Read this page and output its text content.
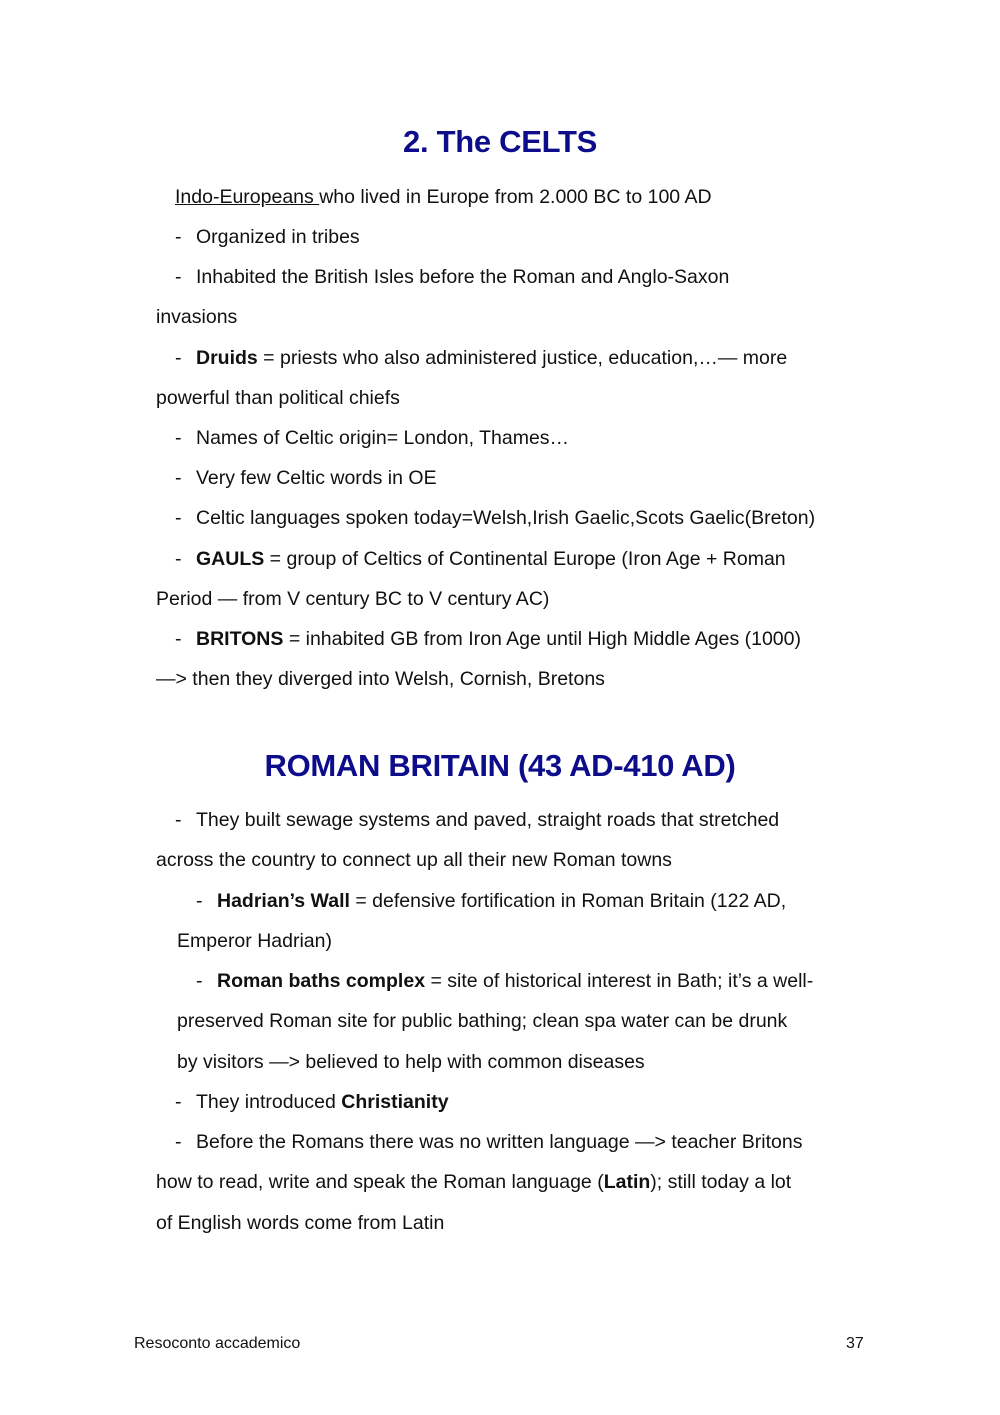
2. The CELTS
Indo-Europeans who lived in Europe from 2.000 BC to 100 AD
- Organized in tribes
- Inhabited the British Isles before the Roman and Anglo-Saxon
invasions
- Druids = priests who also administered justice, education,…— more
powerful than political chiefs
- Names of Celtic origin= London, Thames…
- Very few Celtic words in OE
- Celtic languages spoken today=Welsh,Irish Gaelic,Scots Gaelic(Breton)
- GAULS = group of Celtics of Continental Europe (Iron Age + Roman
Period — from V century BC to V century AC)
- BRITONS = inhabited GB from Iron Age until High Middle Ages (1000)
—> then they diverged into Welsh, Cornish, Bretons
ROMAN BRITAIN (43 AD-410 AD)
- They built sewage systems and paved, straight roads that stretched
across the country to connect up all their new Roman towns
- Hadrian’s Wall = defensive fortification in Roman Britain (122 AD,
Emperor Hadrian)
- Roman baths complex = site of historical interest in Bath; it’s a well-
preserved Roman site for public bathing; clean spa water can be drunk
by visitors —> believed to help with common diseases
- They introduced Christianity
- Before the Romans there was no written language —> teacher Britons
how to read, write and speak the Roman language (Latin); still today a lot
of English words come from Latin
Resoconto accademico	37
